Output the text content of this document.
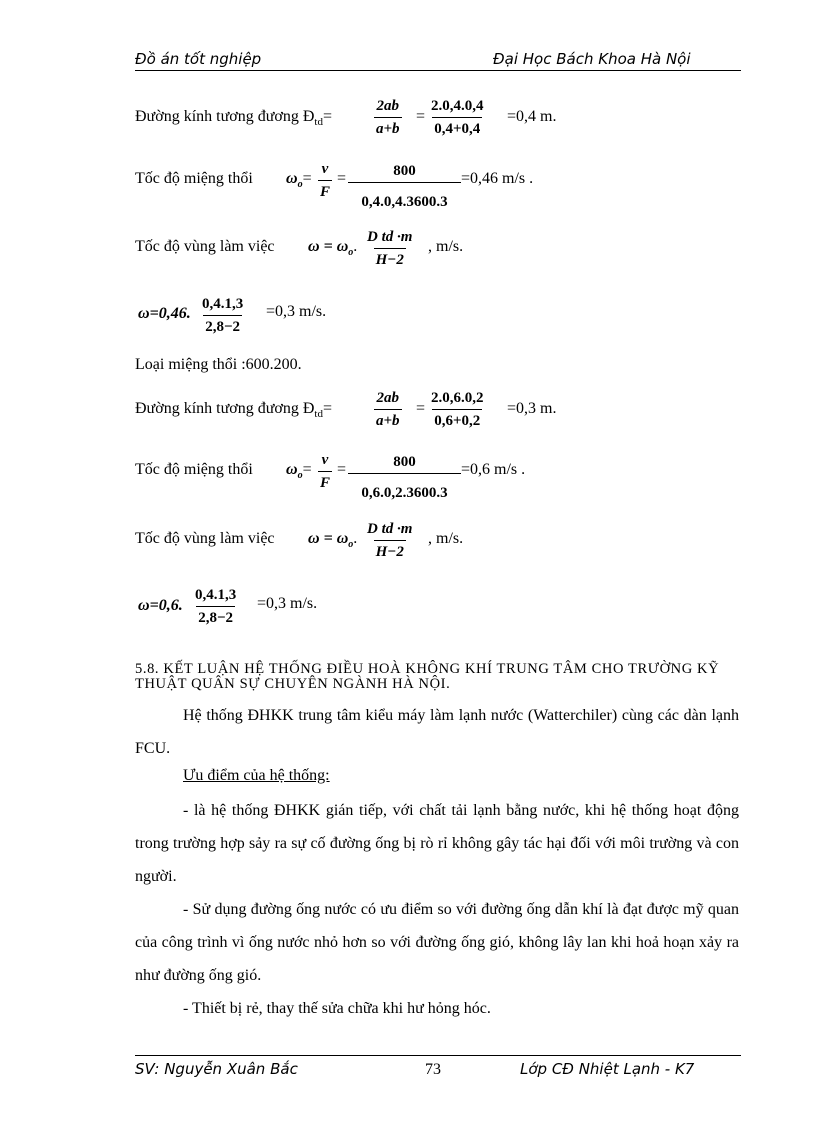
Đồ án tốt nghiệp	Đại Học Bách Khoa Hà Nội
Đường kính tương đương $Đ_{td}=$	$\frac{2ab}{a+b} = \frac{2.0,4.0,4}{0,4+0,4} =0,4$ m.
Tốc độ miệng thổi $\omega_o= \frac{v}{F} = \frac{800}{0,4.0,4.3600.3} =0,46$ m/s .
Tốc độ vùng làm việc $\omega = \omega_o$. $\frac{\text{D td ·m}}{H-2}$ , m/s.
ω=0,46. $\frac{0,4.1,3}{2,8-2} =0,3$ m/s.
Loại miệng thổi :600.200.
Đường kính tương đương $Đ_{td}=$	$\frac{2ab}{a+b} = \frac{2.0,6.0,2}{0,6+0,2} =0,3$ m.
Tốc độ miệng thổi $\omega_o= \frac{v}{F} = \frac{800}{0,6.0,2.3600.3} =0,6$ m/s .
Tốc độ vùng làm việc $\omega = \omega_o$. $\frac{\text{D td ·m}}{H-2}$ , m/s.
ω=0,6. $\frac{0,4.1,3}{2,8-2} =0,3$ m/s.
5.8. KẾT LUẬN HỆ THỐNG ĐIỀU HOÀ KHÔNG KHÍ TRUNG TÂM CHO TRƯỜNG KỸ THUẬT QUÂN SỰ CHUYÊN NGÀNH HÀ NỘI.
Hệ thống ĐHKK trung tâm kiểu máy làm lạnh nước (Watterchiler) cùng các dàn lạnh FCU.
Ưu điểm của hệ thống:
- là hệ thống ĐHKK gián tiếp, với chất tải lạnh bằng nước, khi hệ thống hoạt động trong trường hợp sảy ra sự cố đường ống bị rò rỉ không gây tác hại đối với môi trường và con người.
- Sử dụng đường ống nước có ưu điểm so với đường ống dẫn khí là đạt được mỹ quan của công trình vì ống nước nhỏ hơn so với đường ống gió, không lây lan khi hoả hoạn xảy ra như đường ống gió.
- Thiết bị rẻ, thay thế sửa chữa khi hư hỏng hóc.
SV: Nguyễn Xuân Bắc	73	Lớp CĐ Nhiệt Lạnh - K7
